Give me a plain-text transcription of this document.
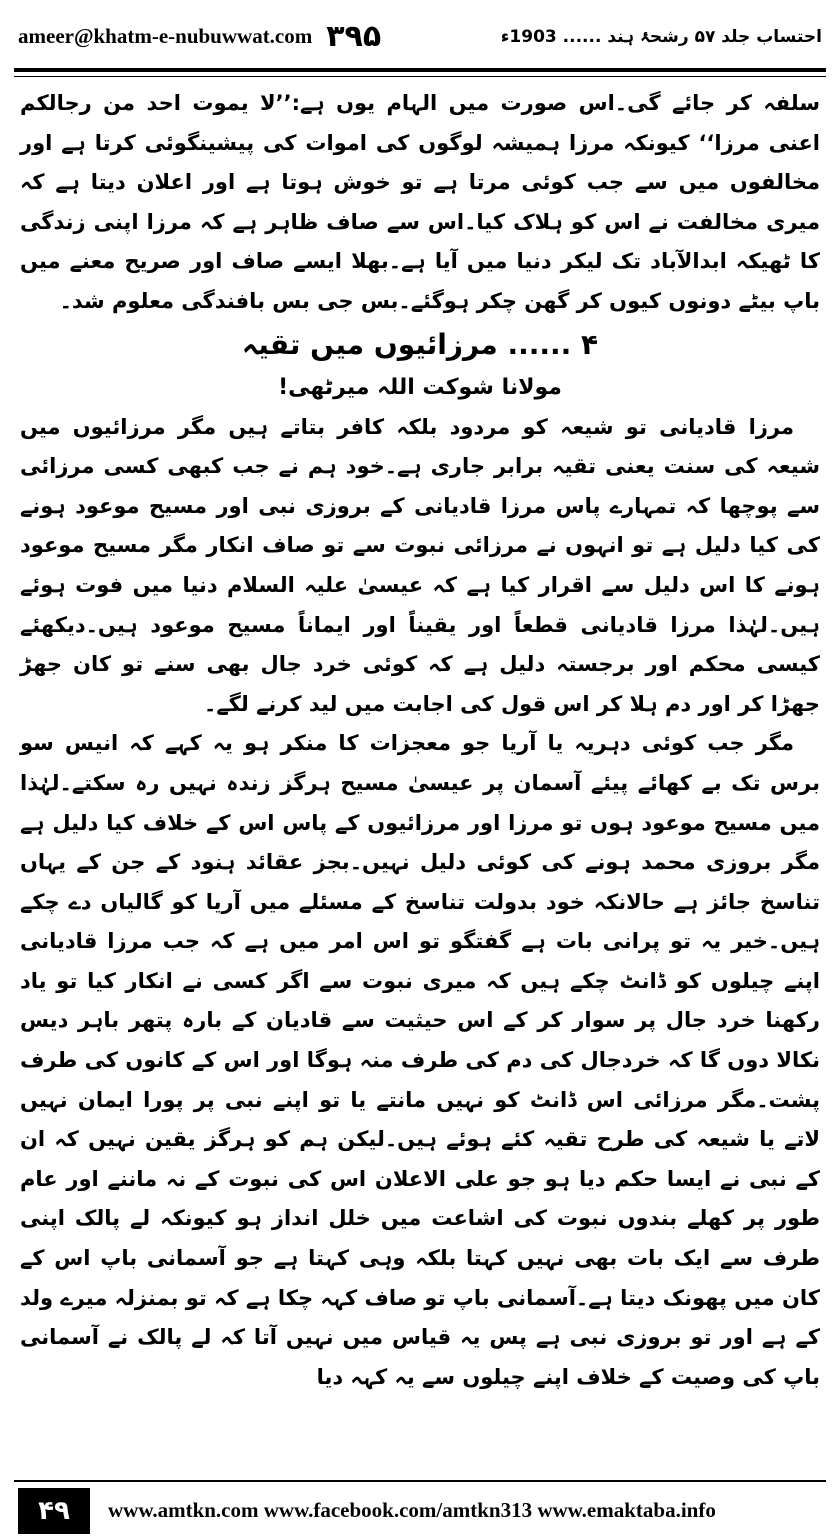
ameer@khatm-e-nubuwwat.com ۳۹۵	احتساب جلد ۵۷ رشحۂ ہند ...... 1903ء

سلفہ کر جائے گی۔اس صورت میں الہام یوں ہے:’’لا یموت احد من رجالکم اعنی مرزا‘‘ کیونکہ مرزا ہمیشہ لوگوں کی اموات کی پیشینگوئی کرتا ہے اور مخالفوں میں سے جب کوئی مرتا ہے تو خوش ہوتا ہے اور اعلان دیتا ہے کہ میری مخالفت نے اس کو ہلاک کیا۔اس سے صاف ظاہر ہے کہ مرزا اپنی زندگی کا ٹھیکہ ابدالآباد تک لیکر دنیا میں آیا ہے۔بھلا ایسے صاف اور صریح معنے میں باپ بیٹے دونوں کیوں کر گھن چکر ہوگئے۔بس جی بس بافندگی معلوم شد۔

۴ ...... مرزائیوں میں تقیہ
مولانا شوکت اللہ میرٹھی!

مرزا قادیانی تو شیعہ کو مردود بلکہ کافر بتاتے ہیں مگر مرزائیوں میں شیعہ کی سنت یعنی تقیہ برابر جاری ہے۔خود ہم نے جب کبھی کسی مرزائی سے پوچھا کہ تمہارے پاس مرزا قادیانی کے بروزی نبی اور مسیح موعود ہونے کی کیا دلیل ہے تو انہوں نے مرزائی نبوت سے تو صاف انکار مگر مسیح موعود ہونے کا اس دلیل سے اقرار کیا ہے کہ عیسیٰ علیہ السلام دنیا میں فوت ہوئے ہیں۔لہٰذا مرزا قادیانی قطعاً اور یقیناً اور ایماناً مسیح موعود ہیں۔دیکھئے کیسی محکم اور برجستہ دلیل ہے کہ کوئی خرد جال بھی سنے تو کان جھڑ جھڑا کر اور دم ہلا کر اس قول کی اجابت میں لید کرنے لگے۔

مگر جب کوئی دہریہ یا آریا جو معجزات کا منکر ہو یہ کہے کہ انیس سو برس تک بے کھائے پیئے آسمان پر عیسیٰ مسیح ہرگز زندہ نہیں رہ سکتے۔لہٰذا میں مسیح موعود ہوں تو مرزا اور مرزائیوں کے پاس اس کے خلاف کیا دلیل ہے مگر بروزی محمد ہونے کی کوئی دلیل نہیں۔بجز عقائد ہنود کے جن کے یہاں تناسخ جائز ہے حالانکہ خود بدولت تناسخ کے مسئلے میں آریا کو گالیاں دے چکے ہیں۔خیر یہ تو پرانی بات ہے گفتگو تو اس امر میں ہے کہ جب مرزا قادیانی اپنے چیلوں کو ڈانٹ چکے ہیں کہ میری نبوت سے اگر کسی نے انکار کیا تو یاد رکھنا خرد جال پر سوار کر کے اس حیثیت سے قادیان کے بارہ پتھر باہر دیس نکالا دوں گا کہ خردجال کی دم کی طرف منہ ہوگا اور اس کے کانوں کی طرف پشت۔مگر مرزائی اس ڈانٹ کو نہیں مانتے یا تو اپنے نبی پر پورا ایمان نہیں لاتے یا شیعہ کی طرح تقیہ کئے ہوئے ہیں۔لیکن ہم کو ہرگز یقین نہیں کہ ان کے نبی نے ایسا حکم دیا ہو جو علی الاعلان اس کی نبوت کے نہ ماننے اور عام طور پر کھلے بندوں نبوت کی اشاعت میں خلل انداز ہو کیونکہ لے پالک اپنی طرف سے ایک بات بھی نہیں کہتا بلکہ وہی کہتا ہے جو آسمانی باپ اس کے کان میں پھونک دیتا ہے۔آسمانی باپ تو صاف کہہ چکا ہے کہ تو بمنزلہ میرے ولد کے ہے اور تو بروزی نبی ہے پس یہ قیاس میں نہیں آتا کہ لے پالک نے آسمانی باپ کی وصیت کے خلاف اپنے چیلوں سے یہ کہہ دیا

۴۹	www.amtkn.com www.facebook.com/amtkn313 www.emaktaba.info
